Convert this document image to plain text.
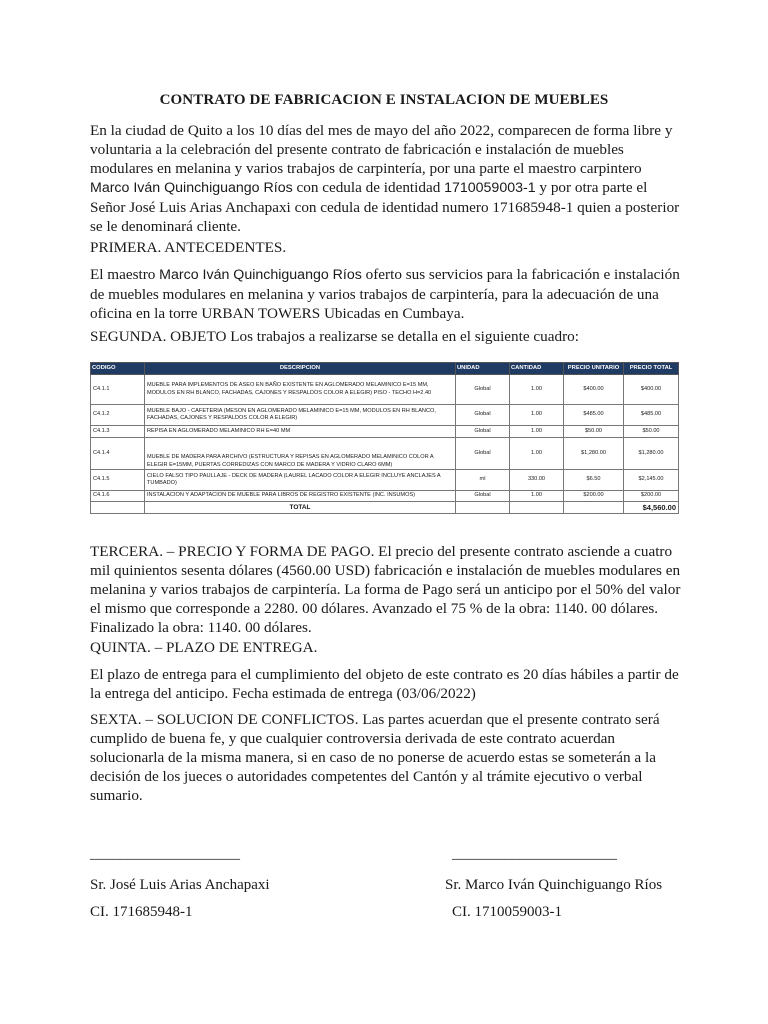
CONTRATO DE FABRICACION E INSTALACION DE MUEBLES

En la ciudad de Quito a los 10 días del mes de mayo del año 2022, comparecen de forma libre y voluntaria a la celebración del presente contrato de fabricación e instalación de muebles modulares en melanina y varios trabajos de carpintería, por una parte el maestro carpintero Marco Iván Quinchiguango Ríos con cedula de identidad 1710059003-1 y por otra parte el Señor José Luis Arias Anchapaxi con cedula de identidad numero 171685948-1 quien a posterior se le denominará cliente.

PRIMERA. ANTECEDENTES.

El maestro Marco Iván Quinchiguango Ríos oferto sus servicios para la fabricación e instalación de muebles modulares en melanina y varios trabajos de carpintería, para la adecuación de una oficina en la torre URBAN TOWERS Ubicadas en Cumbaya.

SEGUNDA. OBJETO Los trabajos a realizarse se detalla en el siguiente cuadro:

CODIGO	DESCRIPCION	UNIDAD	CANTIDAD	PRECIO UNITARIO	PRECIO TOTAL
C4.1.1	MUEBLE PARA IMPLEMENTOS DE ASEO EN BAÑO EXISTENTE EN AGLOMERADO MELAMINICO E=15 MM, MODULOS EN RH BLANCO, FACHADAS, CAJONES Y RESPALDOS COLOR A ELEGIR) PISO - TECHO H=2.40	Global	1.00	$400.00	$400.00
C4.1.2	MUEBLE BAJO - CAFETERIA (MESON EN AGLOMERADO MELAMINICO E=15 MM, MODULOS EN RH BLANCO, FACHADAS, CAJONES Y RESPALDOS COLOR A ELEGIR)	Global	1.00	$485.00	$485.00
C4.1.3	REPISA EN AGLOMERADO MELAMINICO RH E=40 MM	Global	1.00	$50.00	$50.00
C4.1.4	MUEBLE DE MADERA PARA ARCHIVO (ESTRUCTURA Y REPISAS EN AGLOMERADO MELAMINICO COLOR A ELEGIR E=15MM, PUERTAS CORREDIZAS CON MARCO DE MADERA Y VIDRIO CLARO 6MM)	Global	1.00	$1,280.00	$1,280.00
C4.1.5	CIELO FALSO TIPO PAULLAJE - DECK DE MADERA (LAUREL LACADO COLOR A ELEGIR INCLUYE ANCLAJES A TUMBADO)	ml	330.00	$6.50	$2,145.00
C4.1.6	INSTALACION Y ADAPTACION DE MUEBLE PARA LIBROS DE REGISTRO EXISTENTE (INC. INSUMOS)	Global	1.00	$200.00	$200.00
	TOTAL				$4,560.00

TERCERA. – PRECIO Y FORMA DE PAGO. El precio del presente contrato asciende a cuatro mil quinientos sesenta dólares (4560.00 USD) fabricación e instalación de muebles modulares en melanina y varios trabajos de carpintería. La forma de Pago será un anticipo por el 50% del valor el mismo que corresponde a 2280. 00 dólares. Avanzado el 75 % de la obra: 1140. 00 dólares. Finalizado la obra: 1140. 00 dólares.

QUINTA. – PLAZO DE ENTREGA.

El plazo de entrega para el cumplimiento del objeto de este contrato es 20 días hábiles a partir de la entrega del anticipo. Fecha estimada de entrega (03/06/2022)

SEXTA. – SOLUCION DE CONFLICTOS. Las partes acuerdan que el presente contrato será cumplido de buena fe, y que cualquier controversia derivada de este contrato acuerdan solucionarla de la misma manera, si en caso de no ponerse de acuerdo estas se someterán a la decisión de los jueces o autoridades competentes del Cantón y al trámite ejecutivo o verbal sumario.

____________________	______________________
Sr. José Luis Arias Anchapaxi	Sr. Marco Iván Quinchiguango Ríos
CI. 171685948-1	CI. 1710059003-1
